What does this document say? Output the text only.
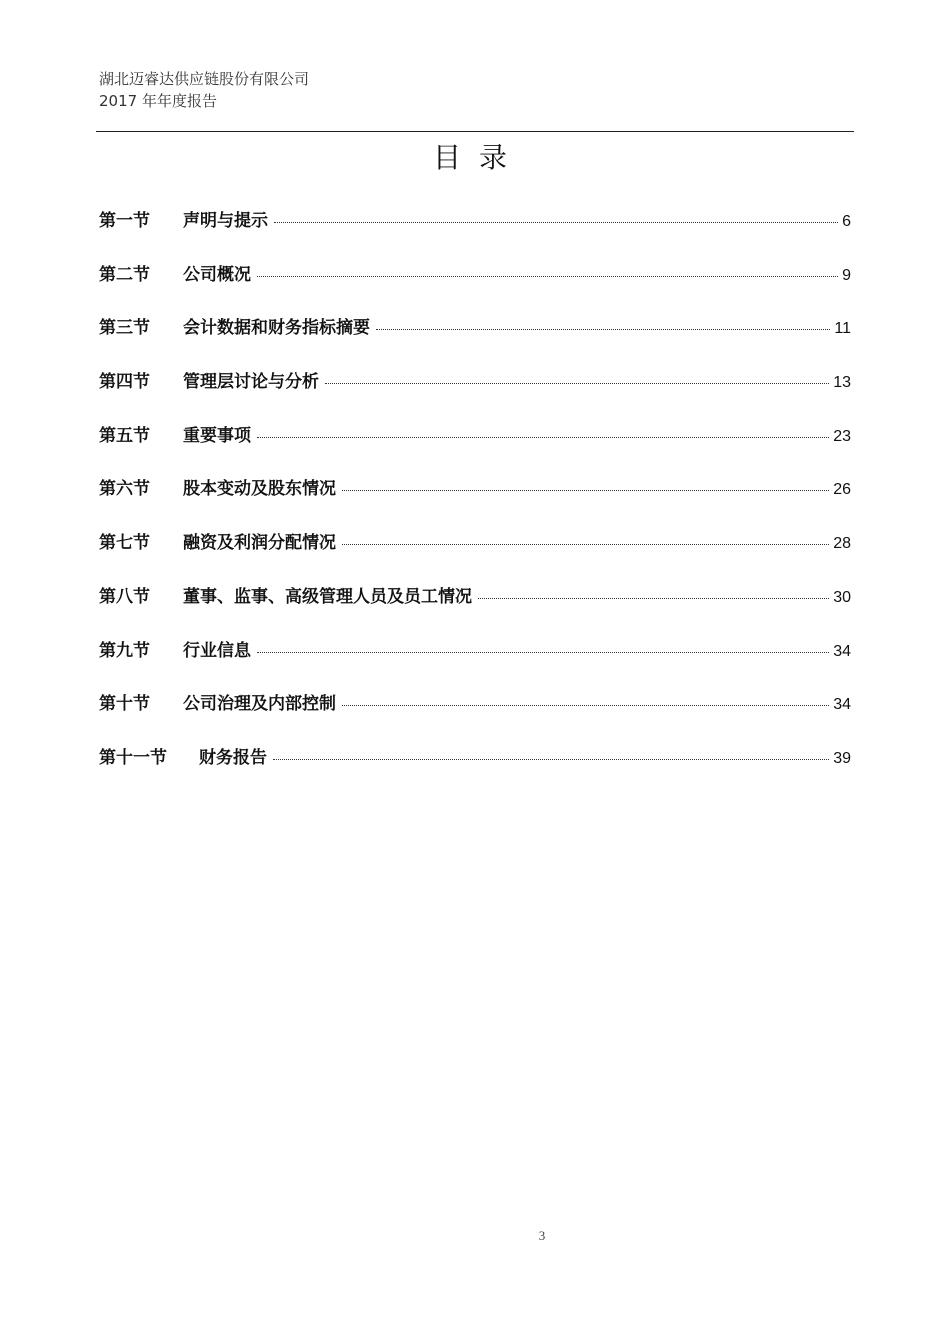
湖北迈睿达供应链股份有限公司
2017 年年度报告
目录
第一节	声明与提示	6
第二节	公司概况	9
第三节	会计数据和财务指标摘要	11
第四节	管理层讨论与分析	13
第五节	重要事项	23
第六节	股本变动及股东情况	26
第七节	融资及利润分配情况	28
第八节	董事、监事、高级管理人员及员工情况	30
第九节	行业信息	34
第十节	公司治理及内部控制	34
第十一节	财务报告	39
3
